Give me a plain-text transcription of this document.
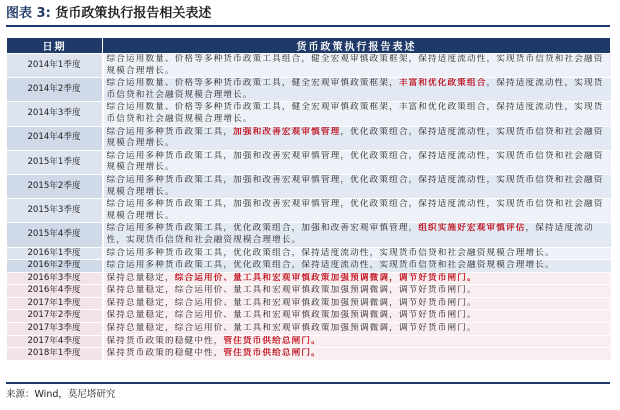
图表 3: 货币政策执行报告相关表述
日期	货币政策执行报告表述
2014年1季度	综合运用数量、价格等多种货币政策工具组合，健全宏观审慎政策框架，保持适度流动性，实现货币信贷和社会融资规模合理增长。
2014年2季度	综合运用数量、价格等多种货币政策工具，健全宏观审慎政策框架，丰富和优化政策组合，保持适度流动性，实现货币信贷和社会融资规模合理增长。
2014年3季度	综合运用数量、价格等多种货币政策工具，健全宏观审慎政策框架，丰富和优化政策组合，保持适度流动性，实现货币信贷和社会融资规模合理增长。
2014年4季度	综合运用多种货币政策工具，加强和改善宏观审慎管理，优化政策组合，保持适度流动性，实现货币信贷和社会融资规模合理增长。
2015年1季度	综合运用多种货币政策工具，加强和改善宏观审慎管理，优化政策组合，保持适度流动性，实现货币信贷和社会融资规模合理增长。
2015年2季度	综合运用多种货币政策工具，加强和改善宏观审慎管理，优化政策组合，保持适度流动性，实现货币信贷和社会融资规模合理增长。
2015年3季度	综合运用多种货币政策工具，加强和改善宏观审慎管理，优化政策组合，保持适度流动性，实现货币信贷和社会融资规模合理增长。
2015年4季度	综合运用多种货币政策工具，优化政策组合，加强和改善宏观审慎管理，组织实施好宏观审慎评估，保持适度流动性，实现货币信贷和社会融资规模合理增长。
2016年1季度	综合运用多种货币政策工具，优化政策组合，保持适度流动性，实现货币信贷和社会融资规模合理增长。
2016年2季度	综合运用多种货币政策工具，优化政策组合，保持适度流动性，实现货币信贷和社会融资规模合理增长。
2016年3季度	保持总量稳定，综合运用价、量工具和宏观审慎政策加强预调微调，调节好货币闸门。
2016年4季度	保持总量稳定，综合运用价、量工具和宏观审慎政策加强预调微调，调节好货币闸门。
2017年1季度	保持总量稳定，综合运用价、量工具和宏观审慎政策加强预调微调，调节好货币闸门。
2017年2季度	保持总量稳定，综合运用价、量工具和宏观审慎政策加强预调微调，调节好货币闸门。
2017年3季度	保持总量稳定，综合运用价、量工具和宏观审慎政策加强预调微调，调节好货币闸门。
2017年4季度	保持货币政策的稳健中性，管住货币供给总闸门。
2018年1季度	保持货币政策的稳健中性，管住货币供给总闸门。
来源：Wind，莫尼塔研究
